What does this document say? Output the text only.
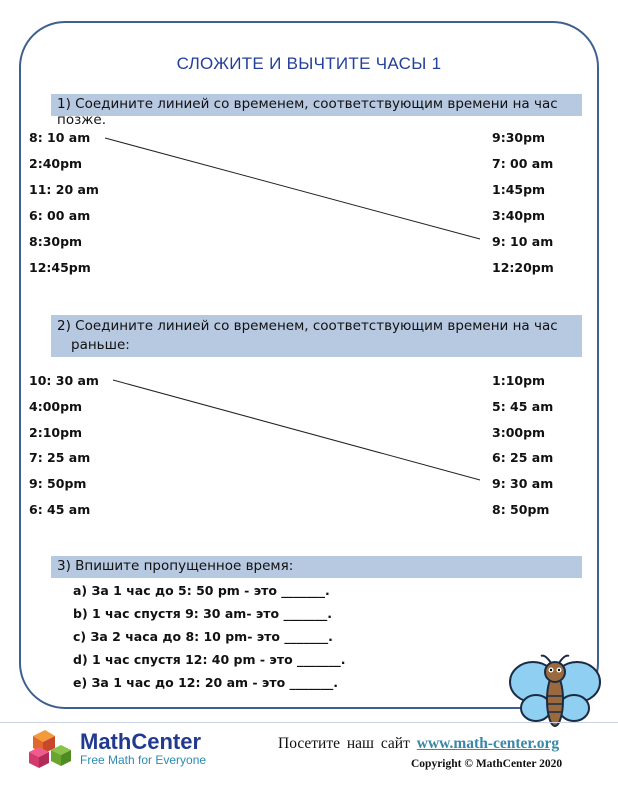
СЛОЖИТЕ И ВЫЧТИТЕ ЧАСЫ 1
1) Соедините линией со временем, соответствующим времени на час позже.
8: 10 am
2:40pm
11: 20 am
6: 00 am
8:30pm
12:45pm
9:30pm
7: 00 am
1:45pm
3:40pm
9: 10 am
12:20pm
2) Соедините линией со временем, соответствующим времени на час
раньше:
10: 30 am
4:00pm
2:10pm
7: 25 am
9: 50pm
6: 45 am
1:10pm
5: 45 am
3:00pm
6: 25 am
9: 30 am
8: 50pm
3) Впишите пропущенное время:
a) За 1 час до 5: 50 pm - это _______.
b) 1 час спустя 9: 30 am- это _______.
c) За 2 часа до 8: 10 pm- это _______.
d) 1 час спустя 12: 40 pm - это _______.
e) За 1 час до 12: 20 am - это _______.
MathCenter
Free Math for Everyone
Посетите наш сайт www.math-center.org
Copyright © MathCenter 2020
